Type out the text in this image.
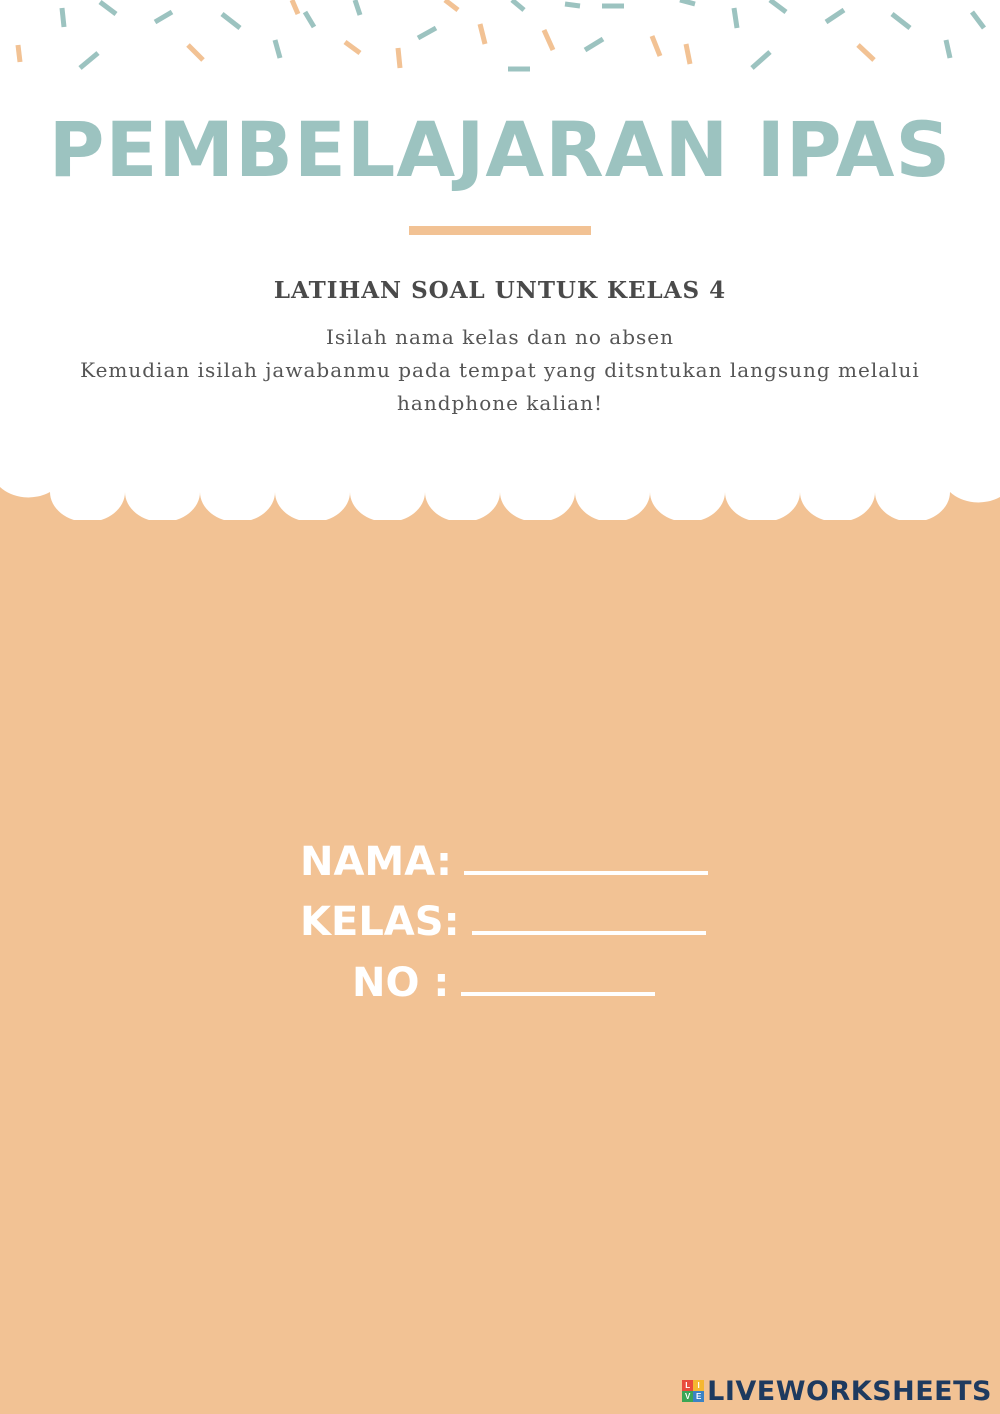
PEMBELAJARAN IPAS
LATIHAN SOAL UNTUK KELAS 4
Isilah nama kelas dan no absen
Kemudian isilah jawabanmu pada tempat yang ditsntukan langsung melalui
handphone kalian!
NAMA:
KELAS:
NO :
L I
V E LIVEWORKSHEETS
